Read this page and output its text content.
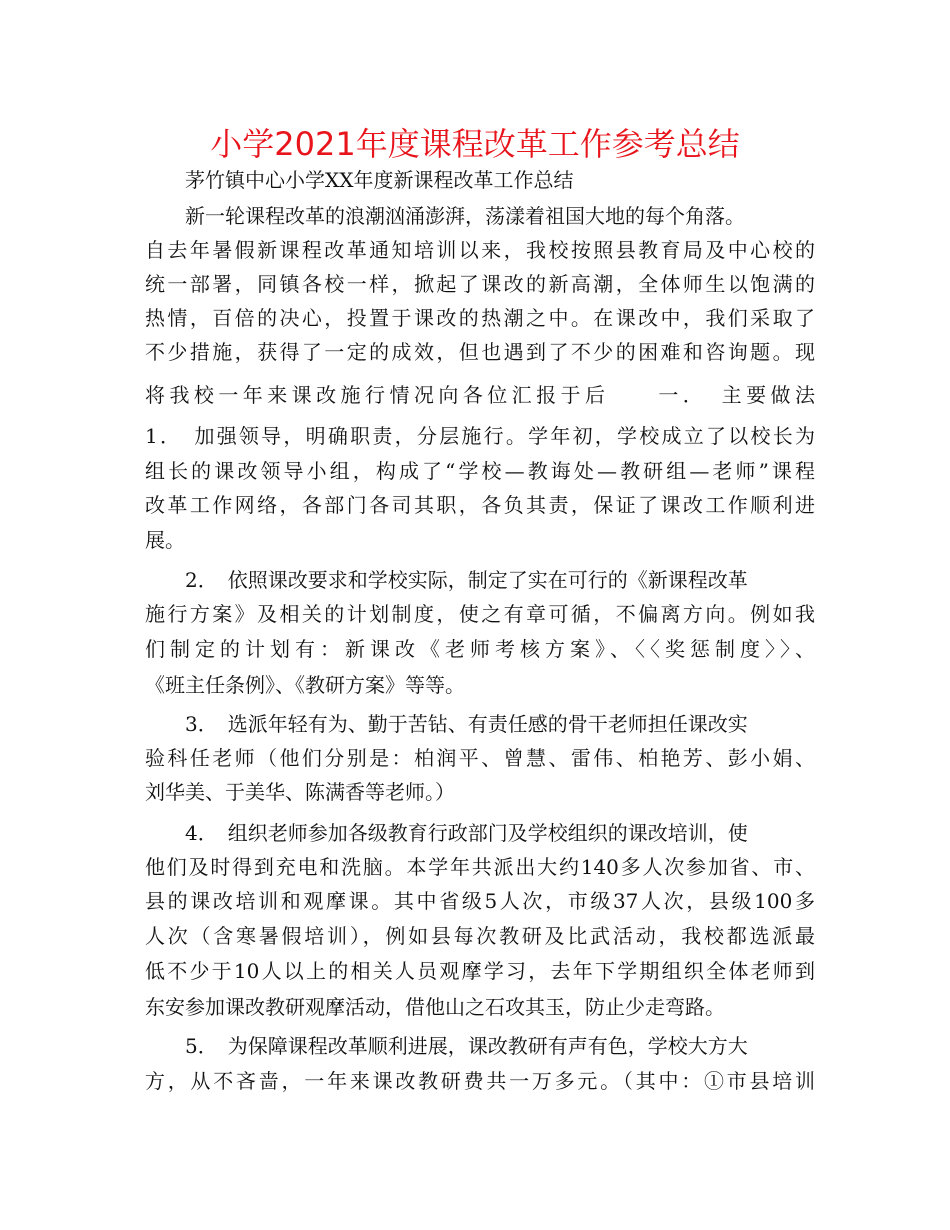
小学2021年度课程改革工作参考总结
茅竹镇中心小学XX年度新课程改革工作总结
新一轮课程改革的浪潮汹涌澎湃，荡漾着祖国大地的每个角落。
自去年暑假新课程改革通知培训以来，我校按照县教育局及中心校的
统一部署，同镇各校一样，掀起了课改的新高潮，全体师生以饱满的
热情，百倍的决心，投置于课改的热潮之中。在课改中，我们采取了
不少措施，获得了一定的成效，但也遇到了不少的困难和咨询题。现
将我校一年来课改施行情况向各位汇报于后　　一．　主要做法
1．　加强领导，明确职责，分层施行。学年初，学校成立了以校长为
组长的课改领导小组，构成了“学校—教诲处—教研组—老师”课程
改革工作网络，各部门各司其职，各负其责，保证了课改工作顺利进
展。
2．　依照课改要求和学校实际，制定了实在可行的《新课程改革
施行方案》及相关的计划制度，使之有章可循，不偏离方向。例如我
们制定的计划有：新课改《老师考核方案》、〈〈奖惩制度〉〉、
《班主任条例》、《教研方案》等等。
3．　选派年轻有为、勤于苦钻、有责任感的骨干老师担任课改实
验科任老师（他们分别是：柏润平、曾慧、雷伟、柏艳芳、彭小娟、
刘华美、于美华、陈满香等老师。）
4．　组织老师参加各级教育行政部门及学校组织的课改培训，使
他们及时得到充电和洗脑。本学年共派出大约140多人次参加省、市、
县的课改培训和观摩课。其中省级5人次，市级37人次，县级100多
人次（含寒暑假培训），例如县每次教研及比武活动，我校都选派最
低不少于10人以上的相关人员观摩学习，去年下学期组织全体老师到
东安参加课改教研观摩活动，借他山之石攻其玉，防止少走弯路。
5．　为保障课程改革顺利进展，课改教研有声有色，学校大方大
方，从不吝啬，一年来课改教研费共一万多元。（其中：①市县培训
